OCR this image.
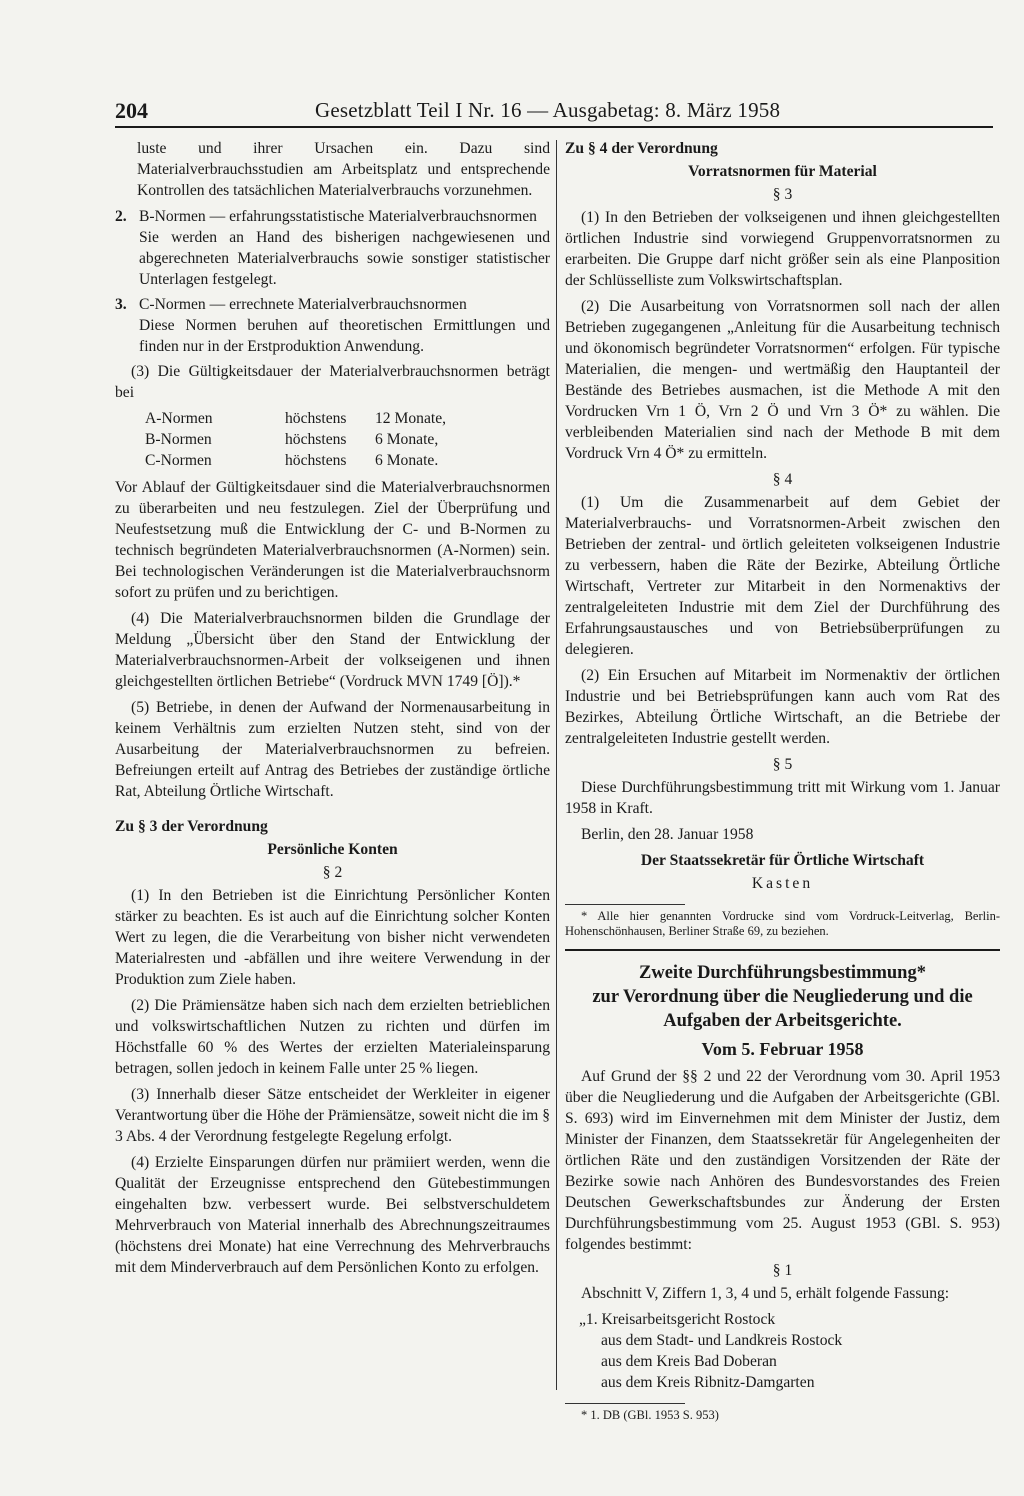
204	Gesetzblatt Teil I Nr. 16 — Ausgabetag: 8. März 1958

luste und ihrer Ursachen ein. Dazu sind Materialverbrauchsstudien am Arbeitsplatz und entsprechende Kontrollen des tatsächlichen Materialverbrauchs vorzunehmen.

2. B-Normen — erfahrungsstatistische Materialverbrauchsnormen

Sie werden an Hand des bisherigen nachgewiesenen und abgerechneten Materialverbrauchs sowie sonstiger statistischer Unterlagen festgelegt.

3. C-Normen — errechnete Materialverbrauchsnormen

Diese Normen beruhen auf theoretischen Ermittlungen und finden nur in der Erstproduktion Anwendung.

(3) Die Gültigkeitsdauer der Materialverbrauchsnormen beträgt bei

A-Normen	höchstens	12 Monate,
B-Normen	höchstens	6 Monate,
C-Normen	höchstens	6 Monate.

Vor Ablauf der Gültigkeitsdauer sind die Materialverbrauchsnormen zu überarbeiten und neu festzulegen. Ziel der Überprüfung und Neufestsetzung muß die Entwicklung der C- und B-Normen zu technisch begründeten Materialverbrauchsnormen (A-Normen) sein. Bei technologischen Veränderungen ist die Materialverbrauchsnorm sofort zu prüfen und zu berichtigen.

(4) Die Materialverbrauchsnormen bilden die Grundlage der Meldung „Übersicht über den Stand der Entwicklung der Materialverbrauchsnormen-Arbeit der volkseigenen und ihnen gleichgestellten örtlichen Betriebe“ (Vordruck MVN 1749 [Ö]).*

(5) Betriebe, in denen der Aufwand der Normenausarbeitung in keinem Verhältnis zum erzielten Nutzen steht, sind von der Ausarbeitung der Materialverbrauchsnormen zu befreien. Befreiungen erteilt auf Antrag des Betriebes der zuständige örtliche Rat, Abteilung Örtliche Wirtschaft.

Zu § 3 der Verordnung

Persönliche Konten

§ 2

(1) In den Betrieben ist die Einrichtung Persönlicher Konten stärker zu beachten. Es ist auch auf die Einrichtung solcher Konten Wert zu legen, die die Verarbeitung von bisher nicht verwendeten Materialresten und -abfällen und ihre weitere Verwendung in der Produktion zum Ziele haben.

(2) Die Prämiensätze haben sich nach dem erzielten betrieblichen und volkswirtschaftlichen Nutzen zu richten und dürfen im Höchstfalle 60 % des Wertes der erzielten Materialeinsparung betragen, sollen jedoch in keinem Falle unter 25 % liegen.

(3) Innerhalb dieser Sätze entscheidet der Werkleiter in eigener Verantwortung über die Höhe der Prämiensätze, soweit nicht die im § 3 Abs. 4 der Verordnung festgelegte Regelung erfolgt.

(4) Erzielte Einsparungen dürfen nur prämiiert werden, wenn die Qualität der Erzeugnisse entsprechend den Gütebestimmungen eingehalten bzw. verbessert wurde. Bei selbstverschuldetem Mehrverbrauch von Material innerhalb des Abrechnungszeitraumes (höchstens drei Monate) hat eine Verrechnung des Mehrverbrauchs mit dem Minderverbrauch auf dem Persönlichen Konto zu erfolgen.

Zu § 4 der Verordnung

Vorratsnormen für Material

§ 3

(1) In den Betrieben der volkseigenen und ihnen gleichgestellten örtlichen Industrie sind vorwiegend Gruppenvorratsnormen zu erarbeiten. Die Gruppe darf nicht größer sein als eine Planposition der Schlüsselliste zum Volkswirtschaftsplan.

(2) Die Ausarbeitung von Vorratsnormen soll nach der allen Betrieben zugegangenen „Anleitung für die Ausarbeitung technisch und ökonomisch begründeter Vorratsnormen“ erfolgen. Für typische Materialien, die mengen- und wertmäßig den Hauptanteil der Bestände des Betriebes ausmachen, ist die Methode A mit den Vordrucken Vrn 1 Ö, Vrn 2 Ö und Vrn 3 Ö* zu wählen. Die verbleibenden Materialien sind nach der Methode B mit dem Vordruck Vrn 4 Ö* zu ermitteln.

§ 4

(1) Um die Zusammenarbeit auf dem Gebiet der Materialverbrauchs- und Vorratsnormen-Arbeit zwischen den Betrieben der zentral- und örtlich geleiteten volkseigenen Industrie zu verbessern, haben die Räte der Bezirke, Abteilung Örtliche Wirtschaft, Vertreter zur Mitarbeit in den Normenaktivs der zentralgeleiteten Industrie mit dem Ziel der Durchführung des Erfahrungsaustausches und von Betriebsüberprüfungen zu delegieren.

(2) Ein Ersuchen auf Mitarbeit im Normenaktiv der örtlichen Industrie und bei Betriebsprüfungen kann auch vom Rat des Bezirkes, Abteilung Örtliche Wirtschaft, an die Betriebe der zentralgeleiteten Industrie gestellt werden.

§ 5

Diese Durchführungsbestimmung tritt mit Wirkung vom 1. Januar 1958 in Kraft.

Berlin, den 28. Januar 1958

Der Staatssekretär für Örtliche Wirtschaft

Kasten

* Alle hier genannten Vordrucke sind vom Vordruck-Leitverlag, Berlin-Hohenschönhausen, Berliner Straße 69, zu beziehen.

Zweite Durchführungsbestimmung*

zur Verordnung über die Neugliederung und die

Aufgaben der Arbeitsgerichte.

Vom 5. Februar 1958

Auf Grund der §§ 2 und 22 der Verordnung vom 30. April 1953 über die Neugliederung und die Aufgaben der Arbeitsgerichte (GBl. S. 693) wird im Einvernehmen mit dem Minister der Justiz, dem Minister der Finanzen, dem Staatssekretär für Angelegenheiten der örtlichen Räte und den zuständigen Vorsitzenden der Räte der Bezirke sowie nach Anhören des Bundesvorstandes des Freien Deutschen Gewerkschaftsbundes zur Änderung der Ersten Durchführungsbestimmung vom 25. August 1953 (GBl. S. 953) folgendes bestimmt:

§ 1

Abschnitt V, Ziffern 1, 3, 4 und 5, erhält folgende Fassung:

„1. Kreisarbeitsgericht Rostock

aus dem Stadt- und Landkreis Rostock

aus dem Kreis Bad Doberan

aus dem Kreis Ribnitz-Damgarten

* 1. DB (GBl. 1953 S. 953)
